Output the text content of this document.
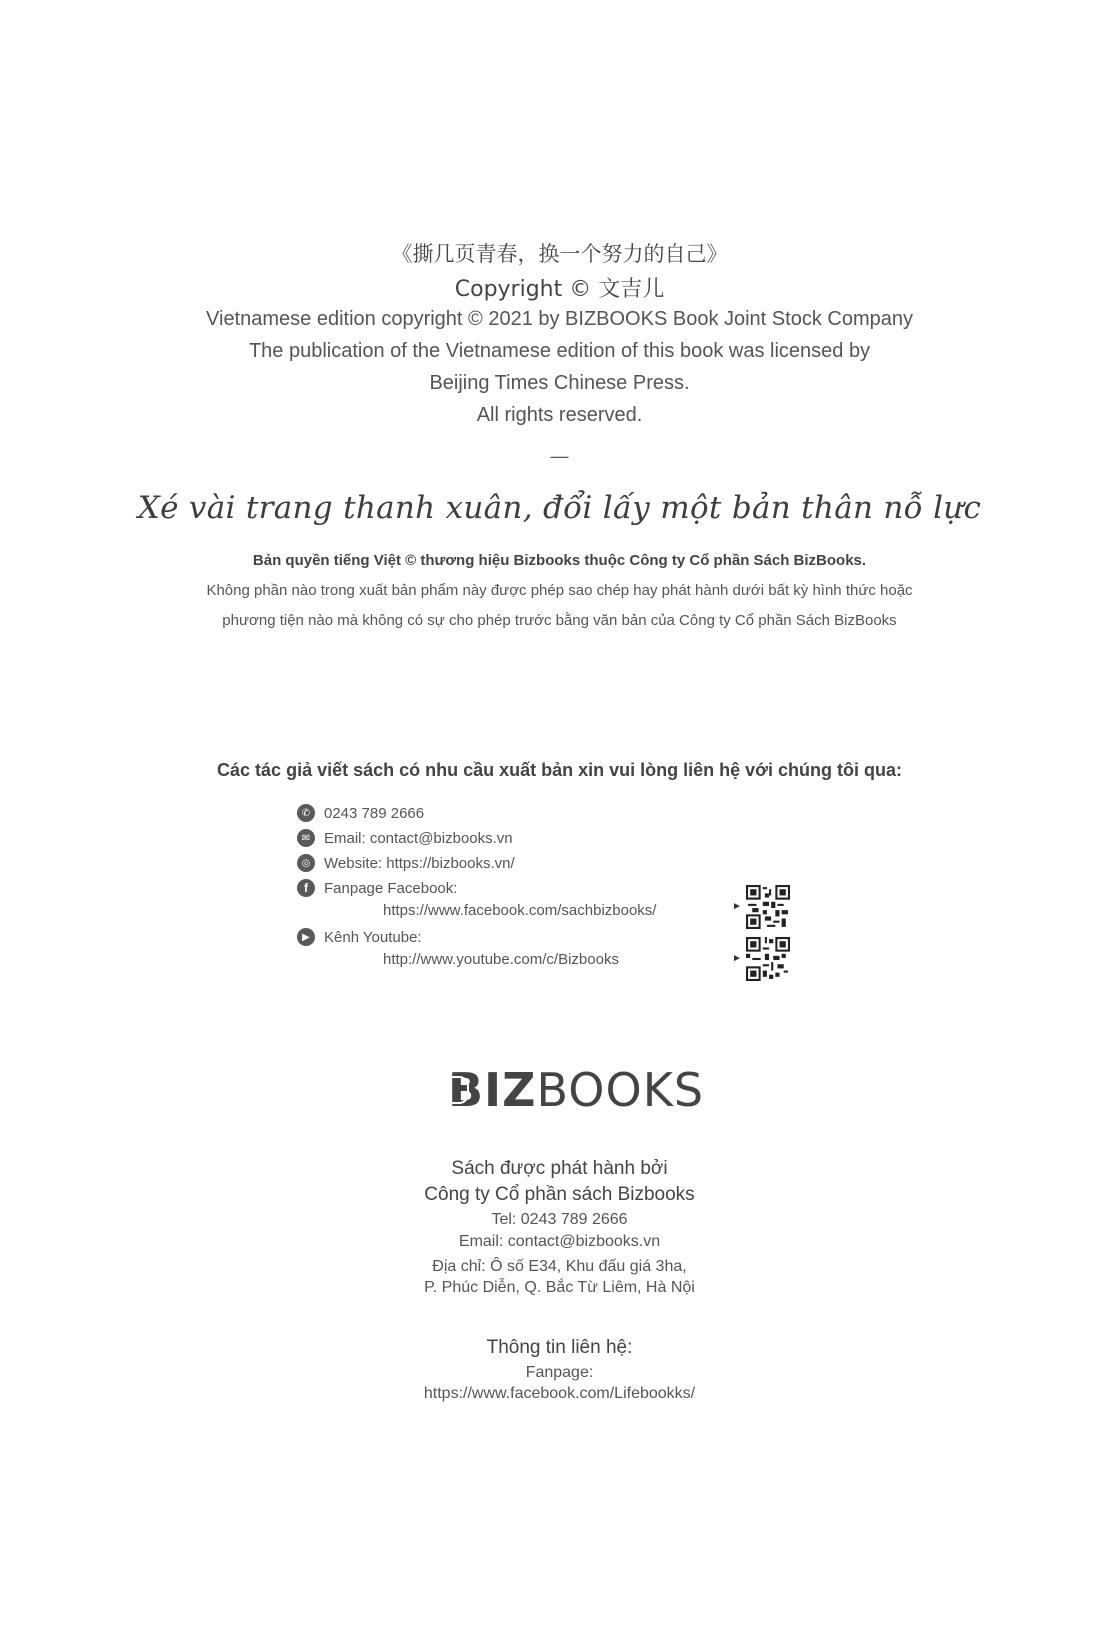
《撕几页青春，换一个努力的自己》
Copyright © 文吉儿
Vietnamese edition copyright © 2021 by BIZBOOKS Book Joint Stock Company
The publication of the Vietnamese edition of this book was licensed by
Beijing Times Chinese Press.
All rights reserved.
—
Xé vài trang thanh xuân, đổi lấy một bản thân nỗ lực
Bản quyền tiếng Việt © thương hiệu Bizbooks thuộc Công ty Cổ phần Sách BizBooks.
Không phần nào trong xuất bản phẩm này được phép sao chép hay phát hành dưới bất kỳ hình thức hoặc
phương tiện nào mà không có sự cho phép trước bằng văn bản của Công ty Cổ phần Sách BizBooks
Các tác giả viết sách có nhu cầu xuất bản xin vui lòng liên hệ với chúng tôi qua:
✆ 0243 789 2666
✉ Email: contact@bizbooks.vn
◎ Website: https://bizbooks.vn/
f	Fanpage Facebook:
https://www.facebook.com/sachbizbooks/
▶ Kênh Youtube:
http://www.youtube.com/c/Bizbooks
►
►
BIZBOOKS
Sách được phát hành bởi
Công ty Cổ phần sách Bizbooks
Tel: 0243 789 2666
Email: contact@bizbooks.vn
Địa chỉ: Ô số E34, Khu đấu giá 3ha,
P. Phúc Diễn, Q. Bắc Từ Liêm, Hà Nội
Thông tin liên hệ:
Fanpage:
https://www.facebook.com/Lifebookks/
